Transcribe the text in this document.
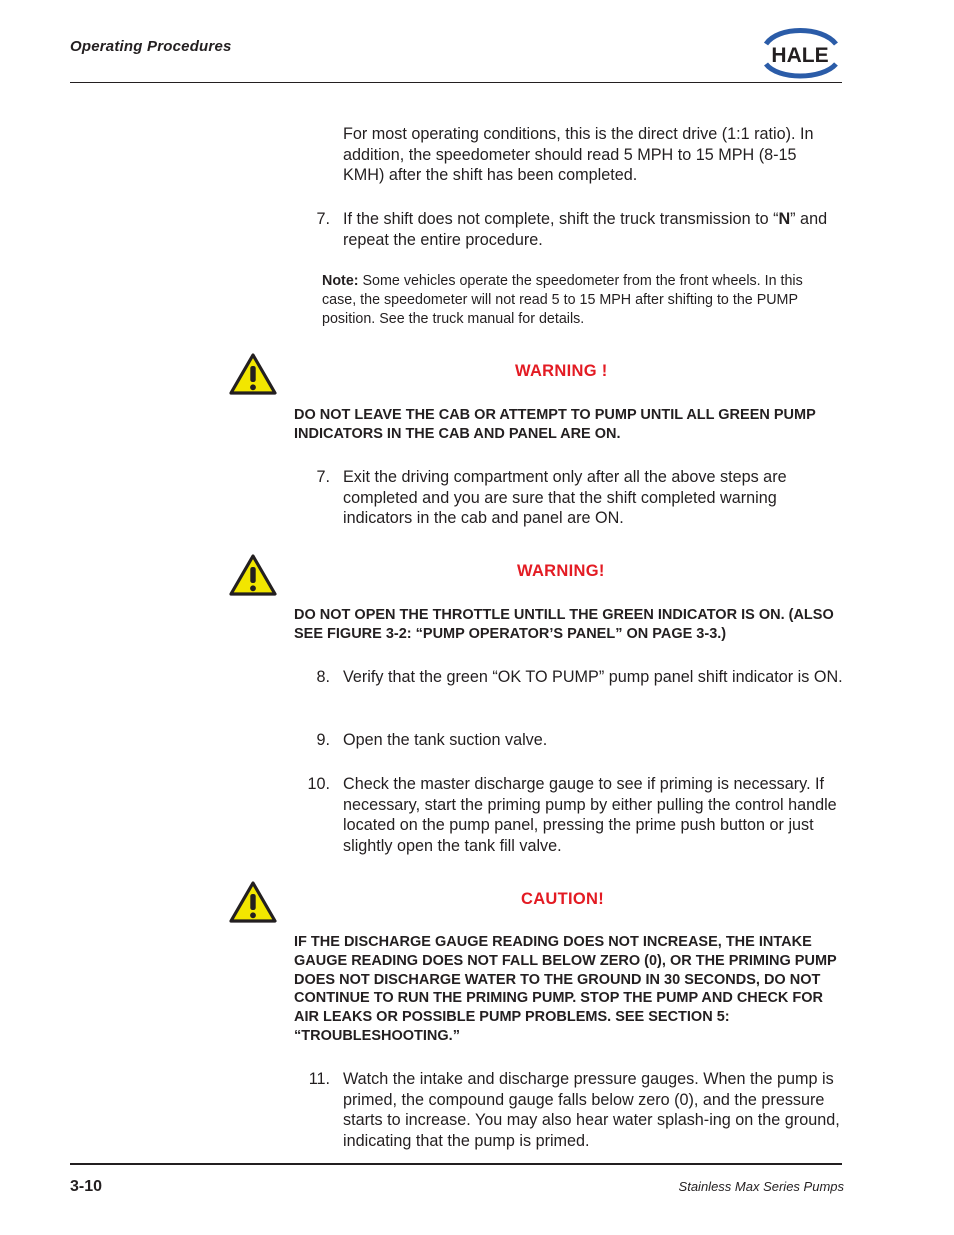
Operating Procedures	HALE
For most operating conditions, this is the direct drive (1:1 ratio). In addition, the speedometer should read 5 MPH to 15 MPH (8-15 KMH) after the shift has been completed.
7. If the shift does not complete, shift the truck transmission to “N” and repeat the entire procedure.
Note: Some vehicles operate the speedometer from the front wheels. In this case, the speedometer will not read 5 to 15 MPH after shifting to the PUMP position. See the truck manual for details.
WARNING !
DO NOT LEAVE THE CAB OR ATTEMPT TO PUMP UNTIL ALL GREEN PUMP INDICATORS IN THE CAB AND PANEL ARE ON.
7. Exit the driving compartment only after all the above steps are completed and you are sure that the shift completed warning indicators in the cab and panel are ON.
WARNING!
DO NOT OPEN THE THROTTLE UNTILL THE GREEN INDICATOR IS ON. (ALSO SEE FIGURE 3-2: “PUMP OPERATOR’S PANEL” ON PAGE 3-3.)
8. Verify that the green “OK TO PUMP” pump panel shift indicator is ON.
9. Open the tank suction valve.
10. Check the master discharge gauge to see if priming is necessary. If necessary, start the priming pump by either pulling the control handle located on the pump panel, pressing the prime push button or just slightly open the tank fill valve.
CAUTION!
IF THE DISCHARGE GAUGE READING DOES NOT INCREASE, THE INTAKE GAUGE READING DOES NOT FALL BELOW ZERO (0), OR THE PRIMING PUMP DOES NOT DISCHARGE WATER TO THE GROUND IN 30 SECONDS, DO NOT CONTINUE TO RUN THE PRIMING PUMP. STOP THE PUMP AND CHECK FOR AIR LEAKS OR POSSIBLE PUMP PROBLEMS. SEE SECTION 5: “TROUBLESHOOTING.”
11. Watch the intake and discharge pressure gauges. When the pump is primed, the compound gauge falls below zero (0), and the pressure starts to increase. You may also hear water splash-ing on the ground, indicating that the pump is primed.
3-10	Stainless Max Series Pumps
